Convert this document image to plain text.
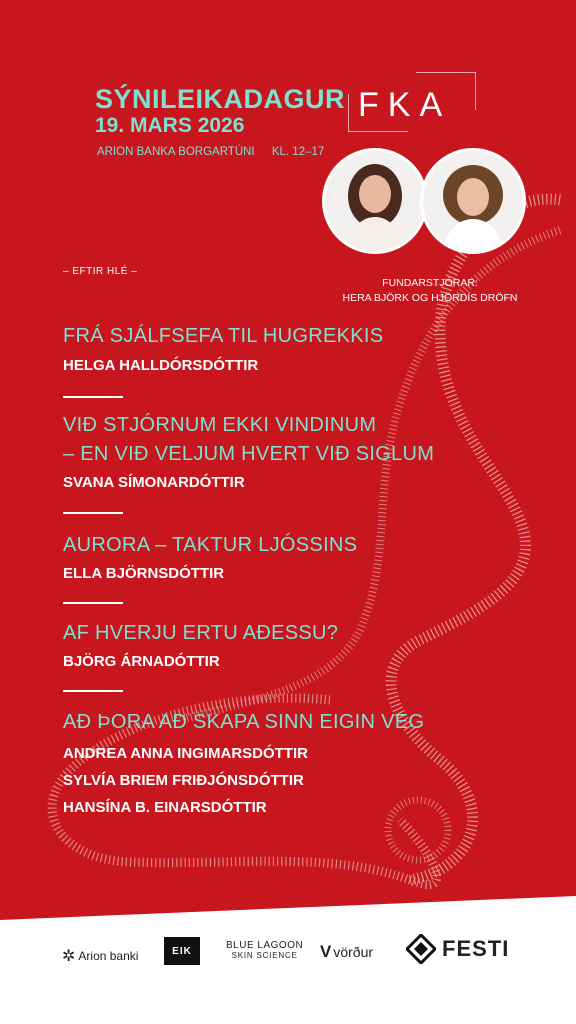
SÝNILEIKADAGUR
19. MARS 2026
ARION BANKA BORGARTÚNI KL. 12–17
FKA
– EFTIR HLÉ –
FUNDARSTJÓRAR:
HERA BJÖRK OG HJÖRDÍS DRÖFN
FRÁ SJÁLFSEFA TIL HUGREKKIS
HELGA HALLDÓRSDÓTTIR
VIÐ STJÓRNUM EKKI VINDINUM
– EN VIÐ VELJUM HVERT VIÐ SIGLUM
SVANA SÍMONARDÓTTIR
AURORA – TAKTUR LJÓSSINS
ELLA BJÖRNSDÓTTIR
AF HVERJU ERTU AÐESSU?
BJÖRG ÁRNADÓTTIR
AÐ ÞORA AÐ SKAPA SINN EIGIN VEG
ANDREA ANNA INGIMARSDÓTTIR
SYLVÍA BRIEM FRIÐJÓNSDÓTTIR
HANSÍNA B. EINARSDÓTTIR
✲ Arion banki	EIK	BLUE LAGOON
SKIN SCIENCE	V vörður	FESTI
